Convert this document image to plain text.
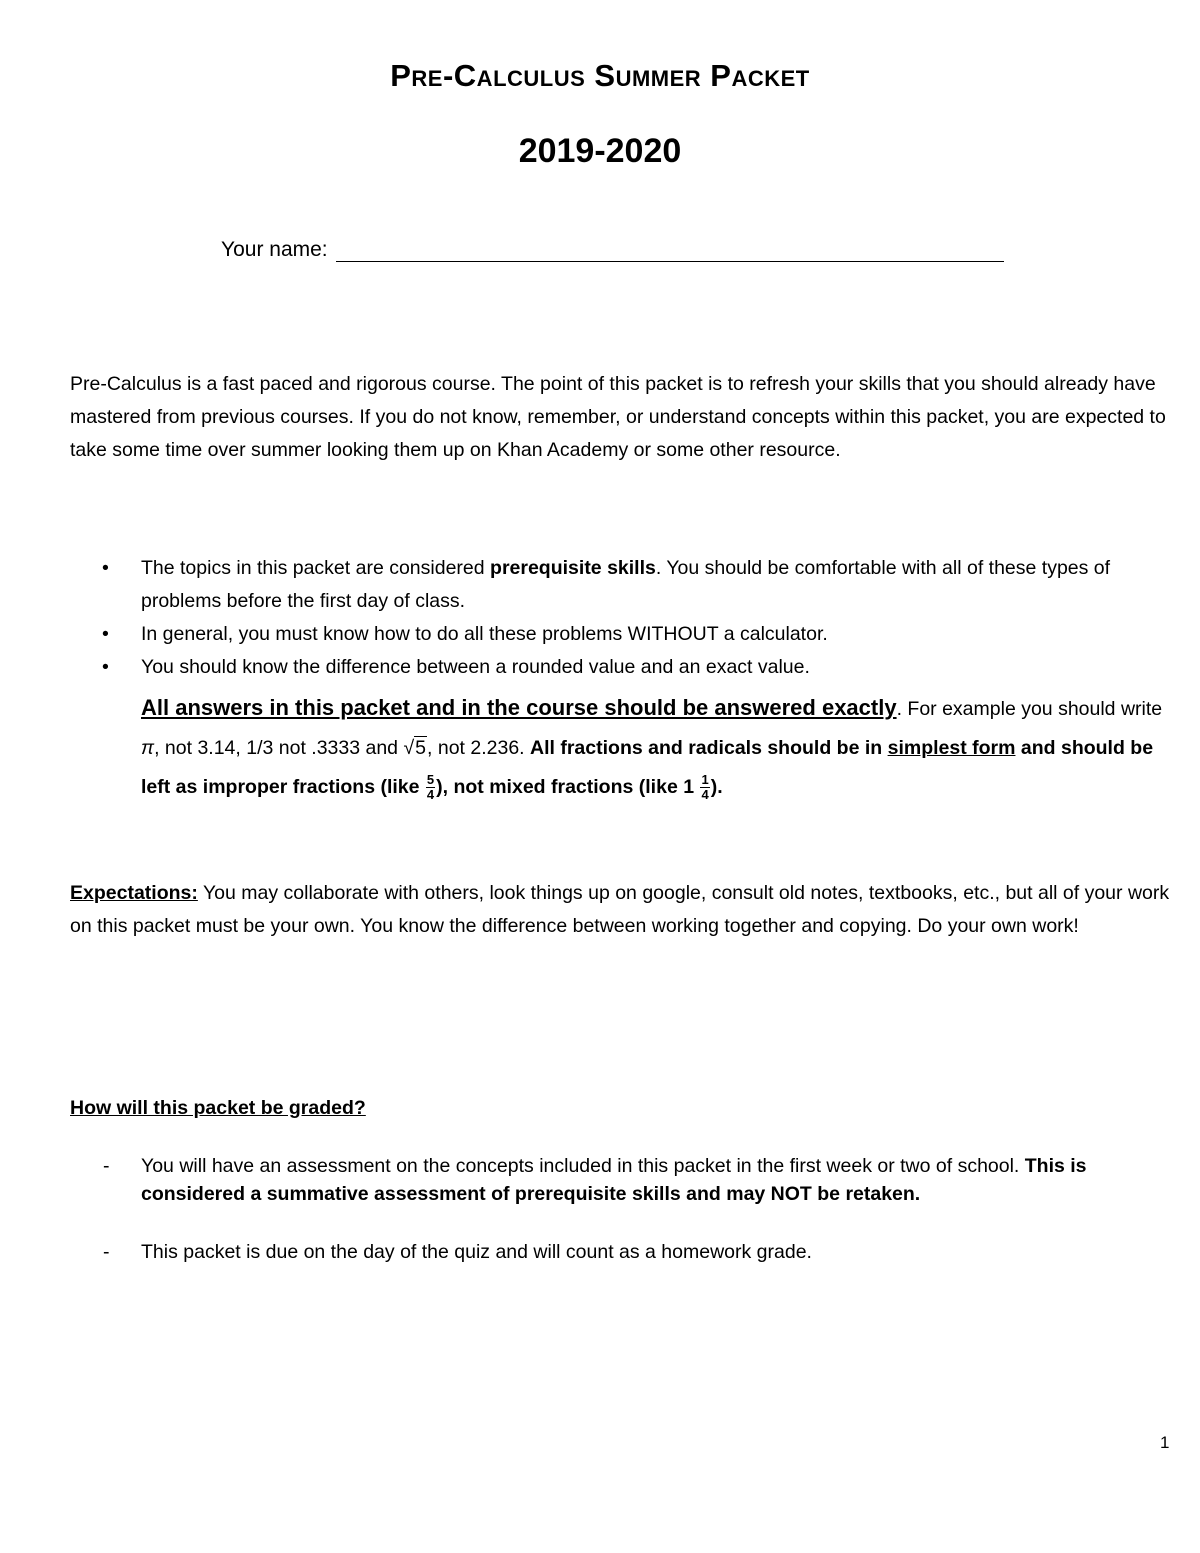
Pre-Calculus Summer Packet
2019-2020
Your name:
Pre-Calculus is a fast paced and rigorous course. The point of this packet is to refresh your skills that you should already have mastered from previous courses. If you do not know, remember, or understand concepts within this packet, you are expected to take some time over summer looking them up on Khan Academy or some other resource.
• The topics in this packet are considered prerequisite skills. You should be comfortable with all of these types of problems before the first day of class.
• In general, you must know how to do all these problems WITHOUT a calculator.
• You should know the difference between a rounded value and an exact value.
All answers in this packet and in the course should be answered exactly. For example you should write π, not 3.14, 1/3 not .3333 and √5, not 2.236. All fractions and radicals should be in simplest form and should be left as improper fractions (like $\frac{5}{4}$ ), not mixed fractions (like $1 \frac{1}{4}$ ).
Expectations: You may collaborate with others, look things up on google, consult old notes, textbooks, etc., but all of your work on this packet must be your own. You know the difference between working together and copying. Do your own work!
How will this packet be graded?
-	You will have an assessment on the concepts included in this packet in the first week or two of school. This is considered a summative assessment of prerequisite skills and may NOT be retaken.
-	This packet is due on the day of the quiz and will count as a homework grade.
1
